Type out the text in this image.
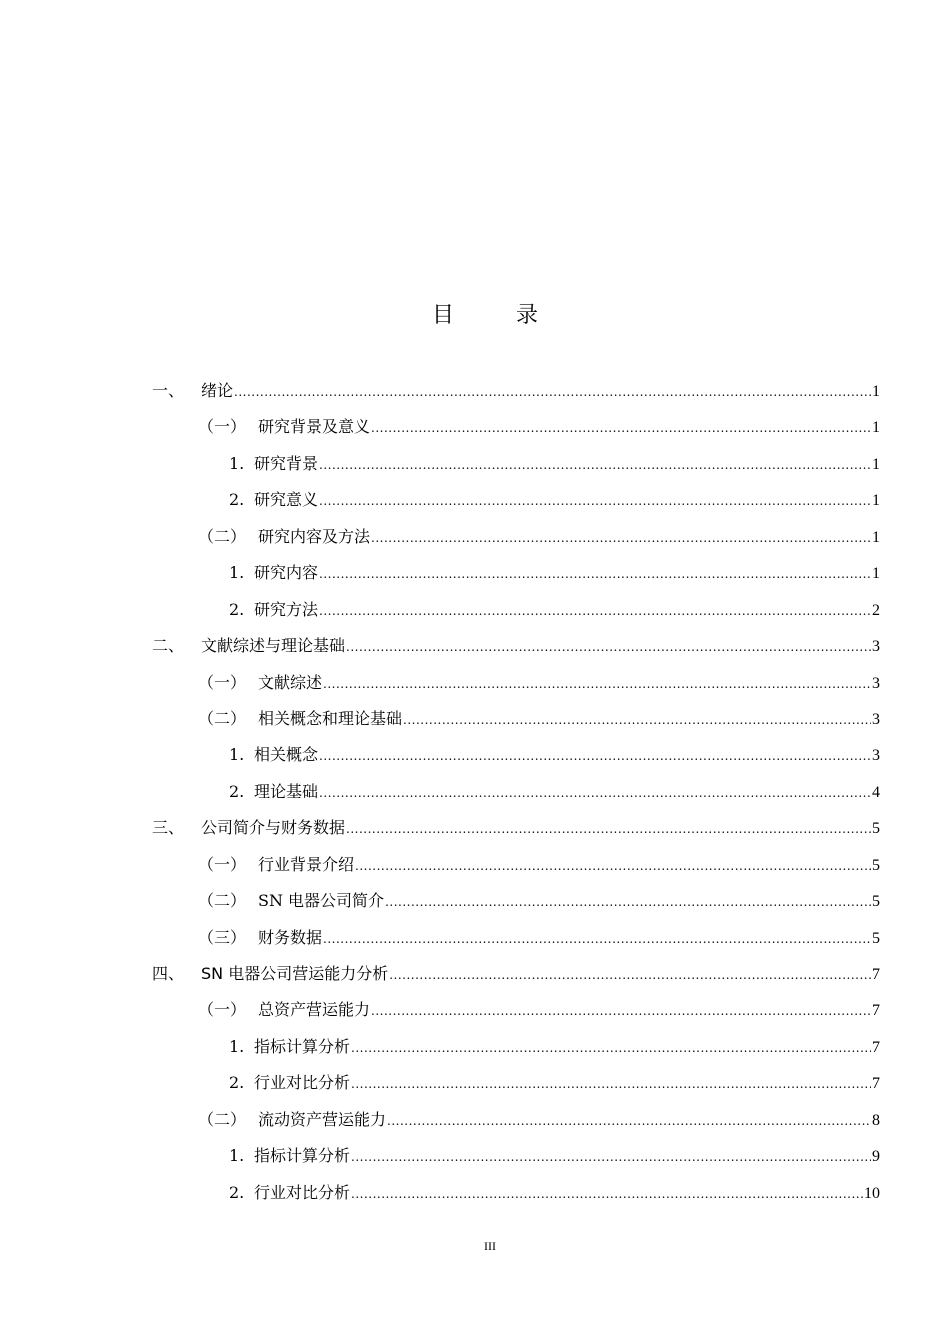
目　录
一、	绪论 .....	1
（一） 研究背景及意义 .....	1
1. 研究背景 .....	1
2. 研究意义 .....	1
（二） 研究内容及方法 .....	1
1. 研究内容 .....	1
2. 研究方法 .....	2
二、	文献综述与理论基础 .....	3
（一） 文献综述 .....	3
（二） 相关概念和理论基础 .....	3
1. 相关概念 .....	3
2. 理论基础 .....	4
三、	公司简介与财务数据 .....	5
（一） 行业背景介绍 .....	5
（二） SN 电器公司简介 .....	5
（三） 财务数据 .....	5
四、	SN 电器公司营运能力分析 .....	7
（一） 总资产营运能力 .....	7
1. 指标计算分析 .....	7
2. 行业对比分析 .....	7
（二） 流动资产营运能力 .....	8
1. 指标计算分析 .....	9
2. 行业对比分析 .....	10
III
